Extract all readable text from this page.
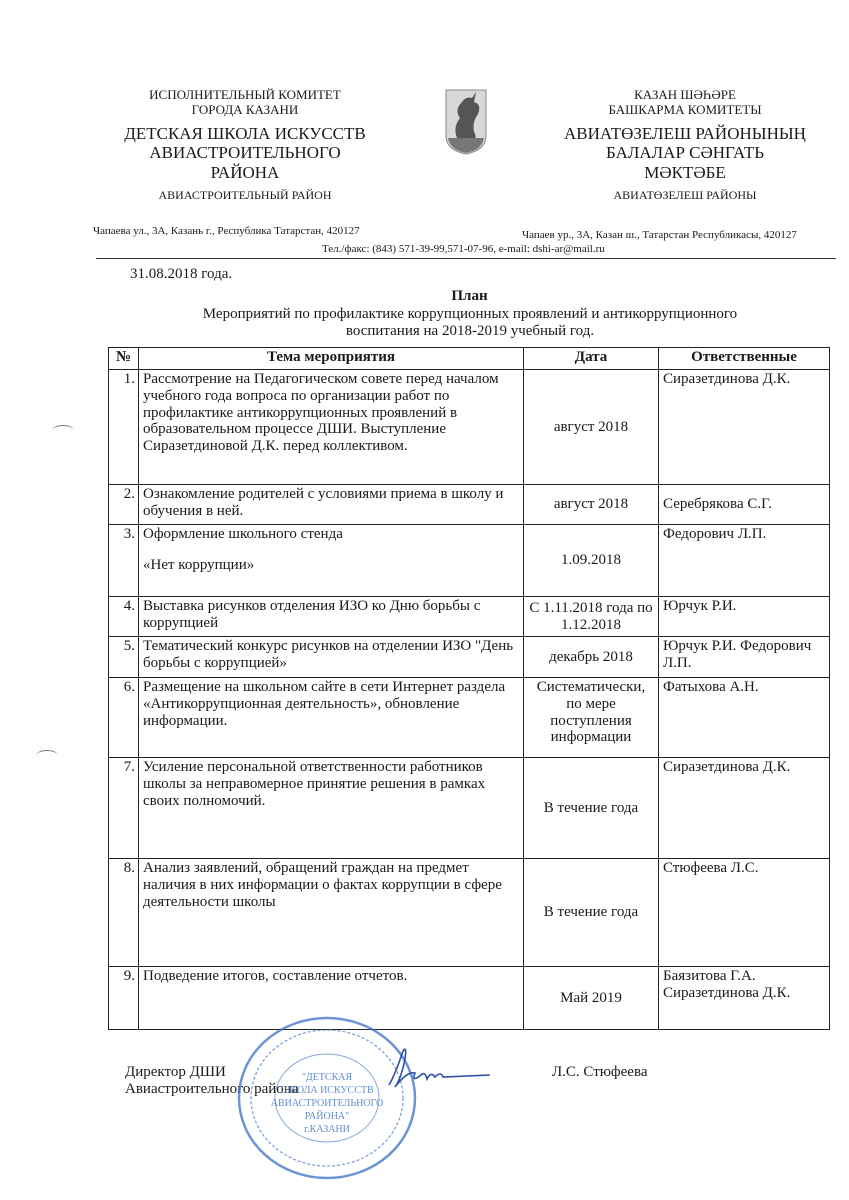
ИСПОЛНИТЕЛЬНЫЙ КОМИТЕТ
ГОРОДА КАЗАНИ
ДЕТСКАЯ ШКОЛА ИСКУССТВ
АВИАСТРОИТЕЛЬНОГО
РАЙОНА
АВИАСТРОИТЕЛЬНЫЙ РАЙОН
Чапаева ул., 3А, Казань г., Республика Татарстан, 420127
КАЗАН ШӘҺӘРЕ
БАШКАРМА КОМИТЕТЫ
АВИАТӨЗЕЛЕШ РАЙОНЫНЫҢ
БАЛАЛАР СӘНГАТЬ
МӘКТӘБЕ
АВИАТӨЗЕЛЕШ РАЙОНЫ
Чапаев ур., 3А, Казан ш., Татарстан Республикасы, 420127
Тел./факс: (843) 571-39-99,571-07-96, e-mail: dshi-ar@mail.ru
31.08.2018 года.
План
Мероприятий по профилактике коррупционных проявлений и антикоррупционного
воспитания на 2018-2019 учебный год.
№	Тема мероприятия	Дата	Ответственные
1.	Рассмотрение на Педагогическом совете перед началом учебного года вопроса по организации работ по профилактике антикоррупционных проявлений в образовательном процессе ДШИ. Выступление Сиразетдиновой Д.К. перед коллективом.	август 2018	Сиразетдинова Д.К.
2.	Ознакомление родителей с условиями приема в школу и обучения в ней.	август 2018	Серебрякова С.Г.
3.	Оформление школьного стенда
«Нет коррупции»	1.09.2018	Федорович Л.П.
4.	Выставка рисунков отделения ИЗО ко Дню борьбы с коррупцией	С 1.11.2018 года по 1.12.2018	Юрчук Р.И.
5.	Тематический конкурс рисунков на отделении ИЗО "День борьбы с коррупцией»	декабрь 2018	Юрчук Р.И. Федорович Л.П.
6.	Размещение на школьном сайте в сети Интернет раздела «Антикоррупционная деятельность», обновление информации.	Систематически, по мере поступления информации	Фатыхова А.Н.
7.	Усиление персональной ответственности работников школы за неправомерное принятие решения в рамках своих полномочий.	В течение года	Сиразетдинова Д.К.
8.	Анализ заявлений, обращений граждан на предмет наличия в них информации о фактах коррупции в сфере деятельности школы	В течение года	Стюфеева Л.С.
9.	Подведение итогов, составление отчетов.	Май 2019	Баязитова Г.А. Сиразетдинова Д.К.
Директор ДШИ
Авиастроительного района
"ДЕТСКАЯ
ШКОЛА ИСКУССТВ
АВИАСТРОИТЕЛЬНОГО
РАЙОНА"
г.КАЗАНИ
Л.С. Стюфеева
